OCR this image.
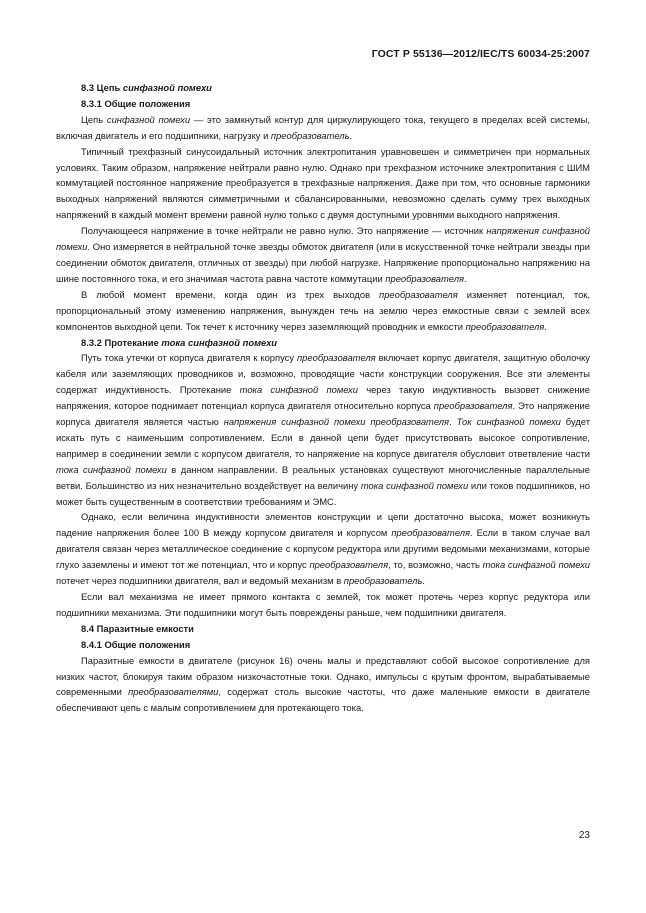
ГОСТ Р 55136—2012/IEC/TS 60034-25:2007
8.3 Цепь синфазной помехи
8.3.1 Общие положения
Цепь синфазной помехи — это замкнутый контур для циркулирующего тока, текущего в пределах всей системы, включая двигатель и его подшипники, нагрузку и преобразователь.
Типичный трехфазный синусоидальный источник электропитания уравновешен и симметричен при нормальных условиях. Таким образом, напряжение нейтрали равно нулю. Однако при трехфазном источнике электропитания с ШИМ коммутацией постоянное напряжение преобразуется в трехфазные напряжения. Даже при том, что основные гармоники выходных напряжений являются симметричными и сбалансированными, невозможно сделать сумму трех выходных напряжений в каждый момент времени равной нулю только с двумя доступными уровнями выходного напряжения.
Получающееся напряжение в точке нейтрали не равно нулю. Это напряжение — источник напряжения синфазной помехи. Оно измеряется в нейтральной точке звезды обмоток двигателя (или в искусственной точке нейтрали звезды при соединении обмоток двигателя, отличных от звезды) при любой нагрузке. Напряжение пропорционально напряжению на шине постоянного тока, и его значимая частота равна частоте коммутации преобразователя.
В любой момент времени, когда один из трех выходов преобразователя изменяет потенциал, ток, пропорциональный этому изменению напряжения, вынужден течь на землю через емкостные связи с землей всех компонентов выходной цепи. Ток течет к источнику через заземляющий проводник и емкости преобразователя.
8.3.2 Протекание тока синфазной помехи
Путь тока утечки от корпуса двигателя к корпусу преобразователя включает корпус двигателя, защитную оболочку кабеля или заземляющих проводников и, возможно, проводящие части конструкции сооружения. Все эти элементы содержат индуктивность. Протекание тока синфазной помехи через такую индуктивность вызовет снижение напряжения, которое поднимает потенциал корпуса двигателя относительно корпуса преобразователя. Это напряжение корпуса двигателя является частью напряжения синфазной помехи преобразователя. Ток синфазной помехи будет искать путь с наименьшим сопротивлением. Если в данной цепи будет присутствовать высокое сопротивление, например в соединении земли с корпусом двигателя, то напряжение на корпусе двигателя обусловит ответвление части тока синфазной помехи в данном направлении. В реальных установках существуют многочисленные параллельные ветви. Большинство из них незначительно воздействует на величину тока синфазной помехи или токов подшипников, но может быть существенным в соответствии требованиям и ЭМС.
Однако, если величина индуктивности элементов конструкции и цепи достаточно высока, может возникнуть падение напряжения более 100 В между корпусом двигателя и корпусом преобразователя. Если в таком случае вал двигателя связан через металлическое соединение с корпусом редуктора или другими ведомыми механизмами, которые глухо заземлены и имеют тот же потенциал, что и корпус преобразователя, то, возможно, часть тока синфазной помехи потечет через подшипники двигателя, вал и ведомый механизм в преобразователь.
Если вал механизма не имеет прямого контакта с землей, ток может протечь через корпус редуктора или подшипники механизма. Эти подшипники могут быть повреждены раньше, чем подшипники двигателя.
8.4 Паразитные емкости
8.4.1 Общие положения
Паразитные емкости в двигателе (рисунок 16) очень малы и представляют собой высокое сопротивление для низких частот, блокируя таким образом низкочастотные токи. Однако, импульсы с крутым фронтом, вырабатываемые современными преобразователями, содержат столь высокие частоты, что даже маленькие емкости в двигателе обеспечивают цепь с малым сопротивлением для протекающего тока.
23
